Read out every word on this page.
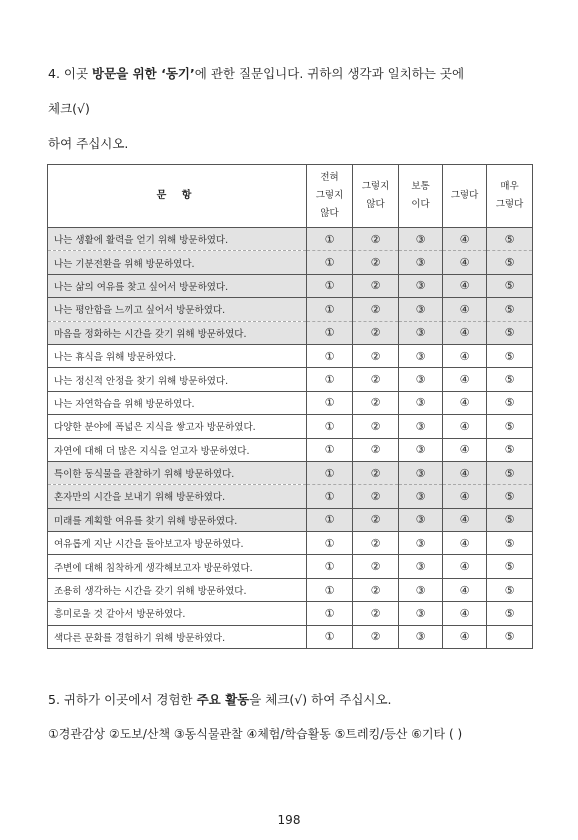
4. 이곳 방문을 위한 ‘동기’에 관한 질문입니다. 귀하의 생각과 일치하는 곳에
체크(√)
하여 주십시오.
문 항	전혀
그렇지
않다	그렇지
않다	보통
이다	그렇다	매우
그렇다
나는 생활에 활력을 얻기 위해 방문하였다.	①	②	③	④	⑤
나는 기분전환을 위해 방문하였다.	①	②	③	④	⑤
나는 삶의 여유를 찾고 싶어서 방문하였다.	①	②	③	④	⑤
나는 평안함을 느끼고 싶어서 방문하였다.	①	②	③	④	⑤
마음을 정화하는 시간을 갖기 위해 방문하였다.	①	②	③	④	⑤
나는 휴식을 위해 방문하였다.	①	②	③	④	⑤
나는 정신적 안정을 찾기 위해 방문하였다.	①	②	③	④	⑤
나는 자연학습을 위해 방문하였다.	①	②	③	④	⑤
다양한 분야에 폭넓은 지식을 쌓고자 방문하였다.	①	②	③	④	⑤
자연에 대해 더 많은 지식을 얻고자 방문하였다.	①	②	③	④	⑤
특이한 동식물을 관찰하기 위해 방문하였다.	①	②	③	④	⑤
혼자만의 시간을 보내기 위해 방문하였다.	①	②	③	④	⑤
미래를 계획할 여유를 찾기 위해 방문하였다.	①	②	③	④	⑤
여유롭게 지난 시간을 돌아보고자 방문하였다.	①	②	③	④	⑤
주변에 대해 침착하게 생각해보고자 방문하였다.	①	②	③	④	⑤
조용히 생각하는 시간을 갖기 위해 방문하였다.	①	②	③	④	⑤
흥미로울 것 같아서 방문하였다.	①	②	③	④	⑤
색다른 문화를 경험하기 위해 방문하였다.	①	②	③	④	⑤
5. 귀하가 이곳에서 경험한 주요 활동을 체크(√) 하여 주십시오.
①경관감상 ②도보/산책 ③동식물관찰 ④체험/학습활동 ⑤트레킹/등산 ⑥기타 ( )
198
